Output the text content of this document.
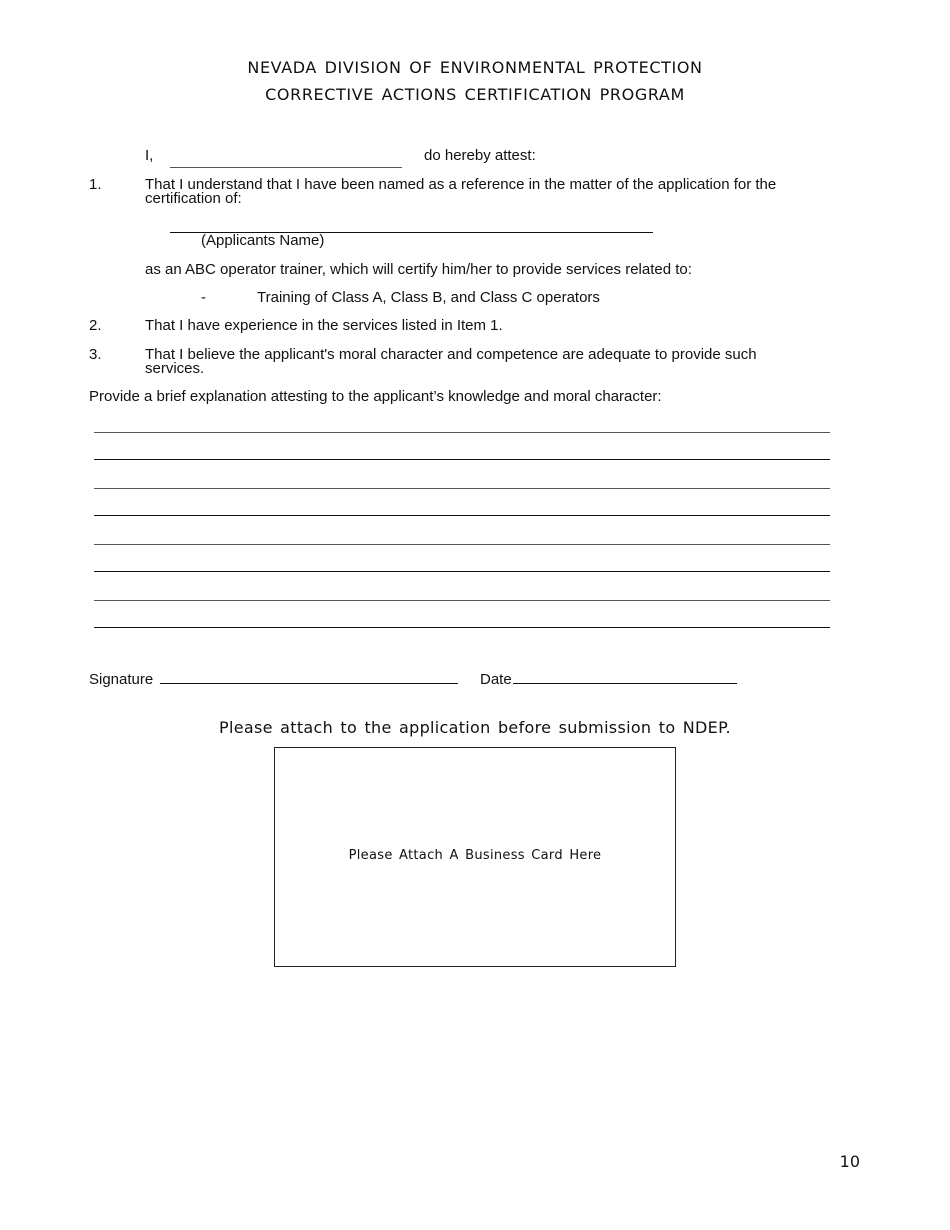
NEVADA DIVISION OF ENVIRONMENTAL PROTECTION
CORRECTIVE ACTIONS CERTIFICATION PROGRAM
I,	do hereby attest:
1.	That I understand that I have been named as a reference in the matter of the application for the certification of:
(Applicants Name)
as an ABC operator trainer, which will certify him/her to provide services related to:
-	Training of Class A, Class B, and Class C operators
2.	That I have experience in the services listed in Item 1.
3.	That I believe the applicant's moral character and competence are adequate to provide such services.
Provide a brief explanation attesting to the applicant’s knowledge and moral character:
Signature	Date
Please attach to the application before submission to NDEP.
Please Attach A Business Card Here
10
